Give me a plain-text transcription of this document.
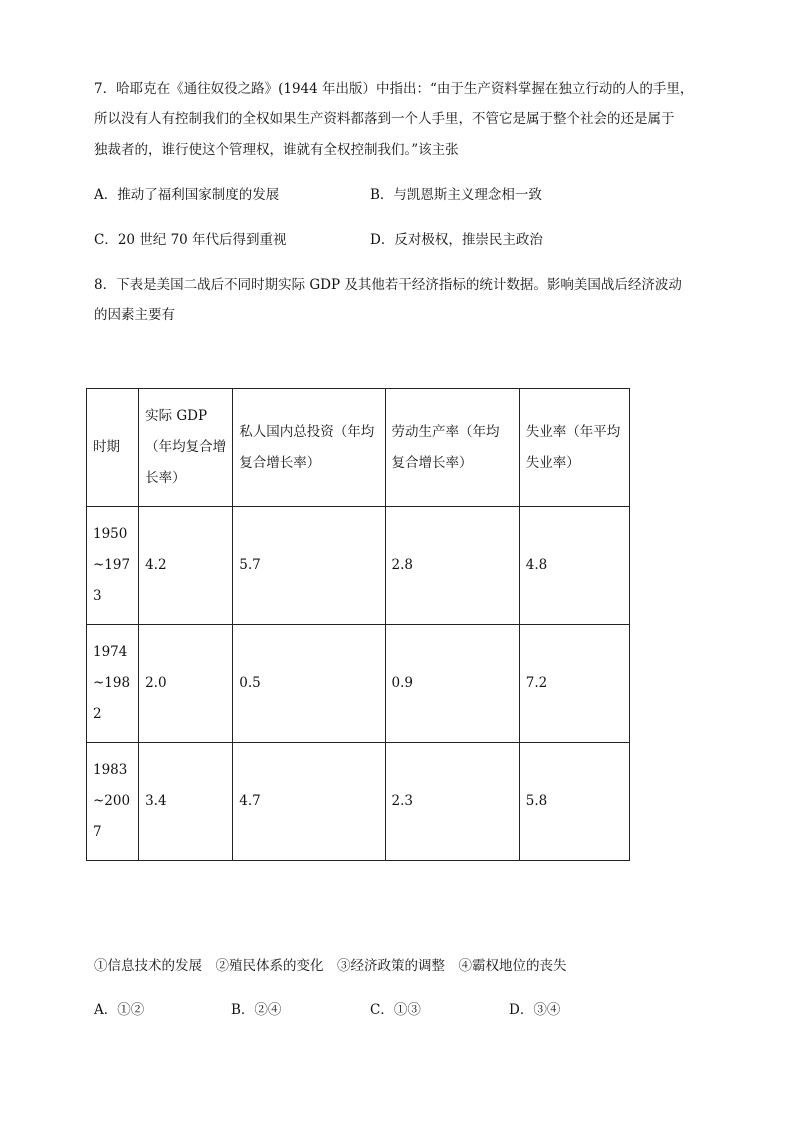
7．哈耶克在《通往奴役之路》(1944 年出版）中指出：“由于生产资料掌握在独立行动的人的手里，
所以没有人有控制我们的全权如果生产资料都落到一个人手里，不管它是属于整个社会的还是属于
独裁者的，谁行使这个管理权，谁就有全权控制我们。”该主张
A．推动了福利国家制度的发展	B．与凯恩斯主义理念相一致
C．20 世纪 70 年代后得到重视	D．反对极权，推崇民主政治
8．下表是美国二战后不同时期实际 GDP 及其他若干经济指标的统计数据。影响美国战后经济波动
的因素主要有
时期	实际 GDP（年均复合增长率）	私人国内总投资（年均复合增长率）	劳动生产率（年均复合增长率）	失业率（年平均失业率）
1950~1973	4.2	5.7	2.8	4.8
1974~1982	2.0	0.5	0.9	7.2
1983~2007	3.4	4.7	2.3	5.8
①信息技术的发展　②殖民体系的变化　③经济政策的调整　④霸权地位的丧失
A．①②	B．②④	C．①③	D．③④
